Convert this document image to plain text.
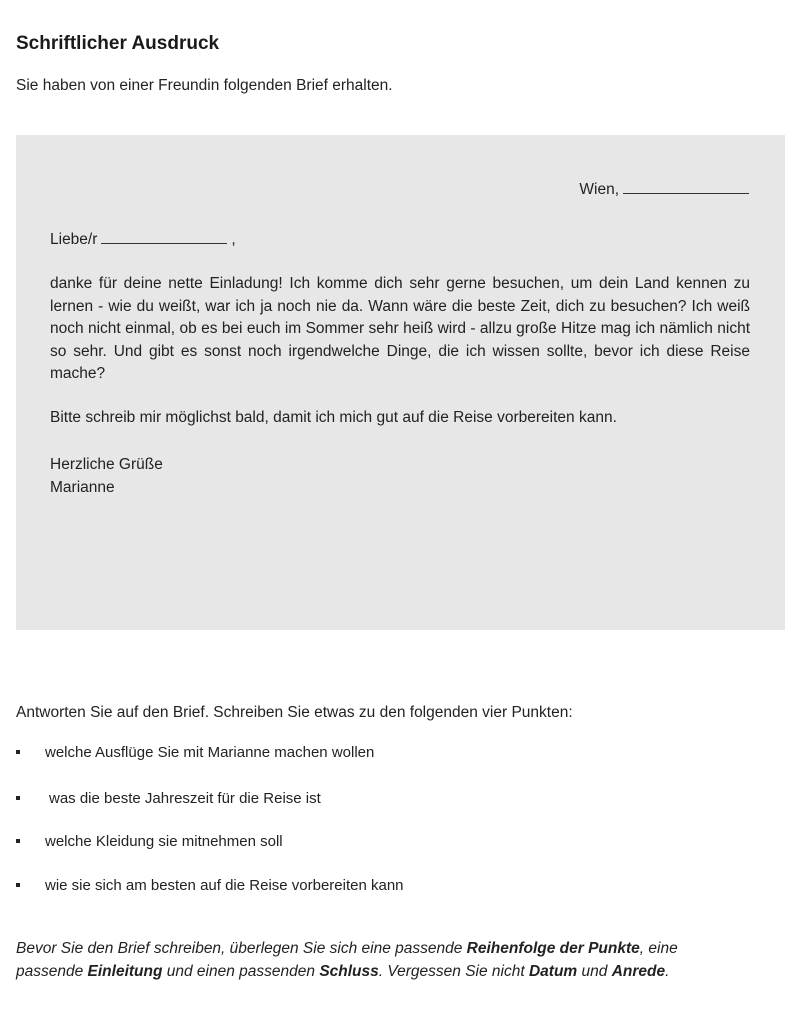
Schriftlicher Ausdruck
Sie haben von einer Freundin folgenden Brief erhalten.
Wien,
Liebe/r	,
danke für deine nette Einladung! Ich komme dich sehr gerne besuchen, um dein Land kennen zu lernen - wie du weißt, war ich ja noch nie da. Wann wäre die beste Zeit, dich zu besuchen? Ich weiß noch nicht einmal, ob es bei euch im Sommer sehr heiß wird - allzu große Hitze mag ich nämlich nicht so sehr. Und gibt es sonst noch irgendwelche Dinge, die ich wissen sollte, bevor ich diese Reise mache?
Bitte schreib mir möglichst bald, damit ich mich gut auf die Reise vorbereiten kann.
Herzliche Grüße
Marianne
Antworten Sie auf den Brief. Schreiben Sie etwas zu den folgenden vier Punkten:
welche Ausflüge Sie mit Marianne machen wollen
was die beste Jahreszeit für die Reise ist
welche Kleidung sie mitnehmen soll
wie sie sich am besten auf die Reise vorbereiten kann
Bevor Sie den Brief schreiben, überlegen Sie sich eine passende Reihenfolge der Punkte, eine passende Einleitung und einen passenden Schluss. Vergessen Sie nicht Datum und Anrede.
